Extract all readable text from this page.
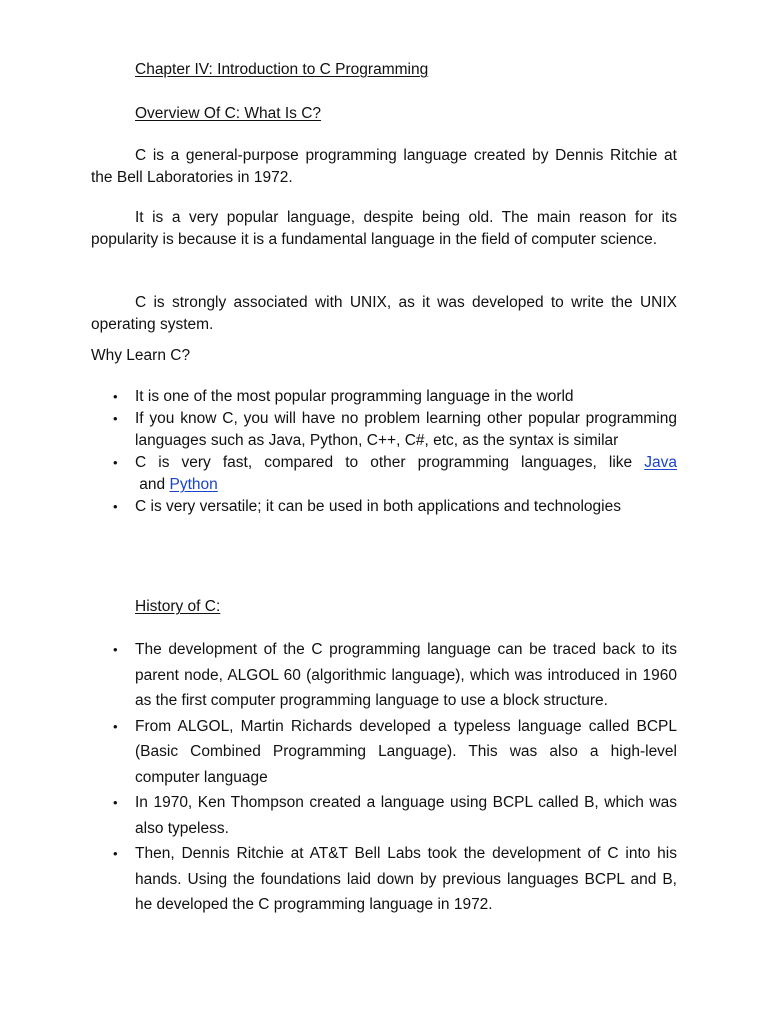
Chapter IV: Introduction to C Programming
Overview Of C: What Is C?

C is a general-purpose programming language created by Dennis Ritchie at the Bell Laboratories in 1972.

It is a very popular language, despite being old. The main reason for its popularity is because it is a fundamental language in the field of computer science.

C is strongly associated with UNIX, as it was developed to write the UNIX operating system.

Why Learn C?

• It is one of the most popular programming language in the world
• If you know C, you will have no problem learning other popular programming languages such as Java, Python, C++, C#, etc, as the syntax is similar
• C is very fast, compared to other programming languages, like Java and Python
• C is very versatile; it can be used in both applications and technologies
History of C:
• The development of the C programming language can be traced back to its parent node, ALGOL 60 (algorithmic language), which was introduced in 1960 as the first computer programming language to use a block structure.
• From ALGOL, Martin Richards developed a typeless language called BCPL (Basic Combined Programming Language). This was also a high-level computer language
• In 1970, Ken Thompson created a language using BCPL called B, which was also typeless.
• Then, Dennis Ritchie at AT&T Bell Labs took the development of C into his hands. Using the foundations laid down by previous languages BCPL and B, he developed the C programming language in 1972.
